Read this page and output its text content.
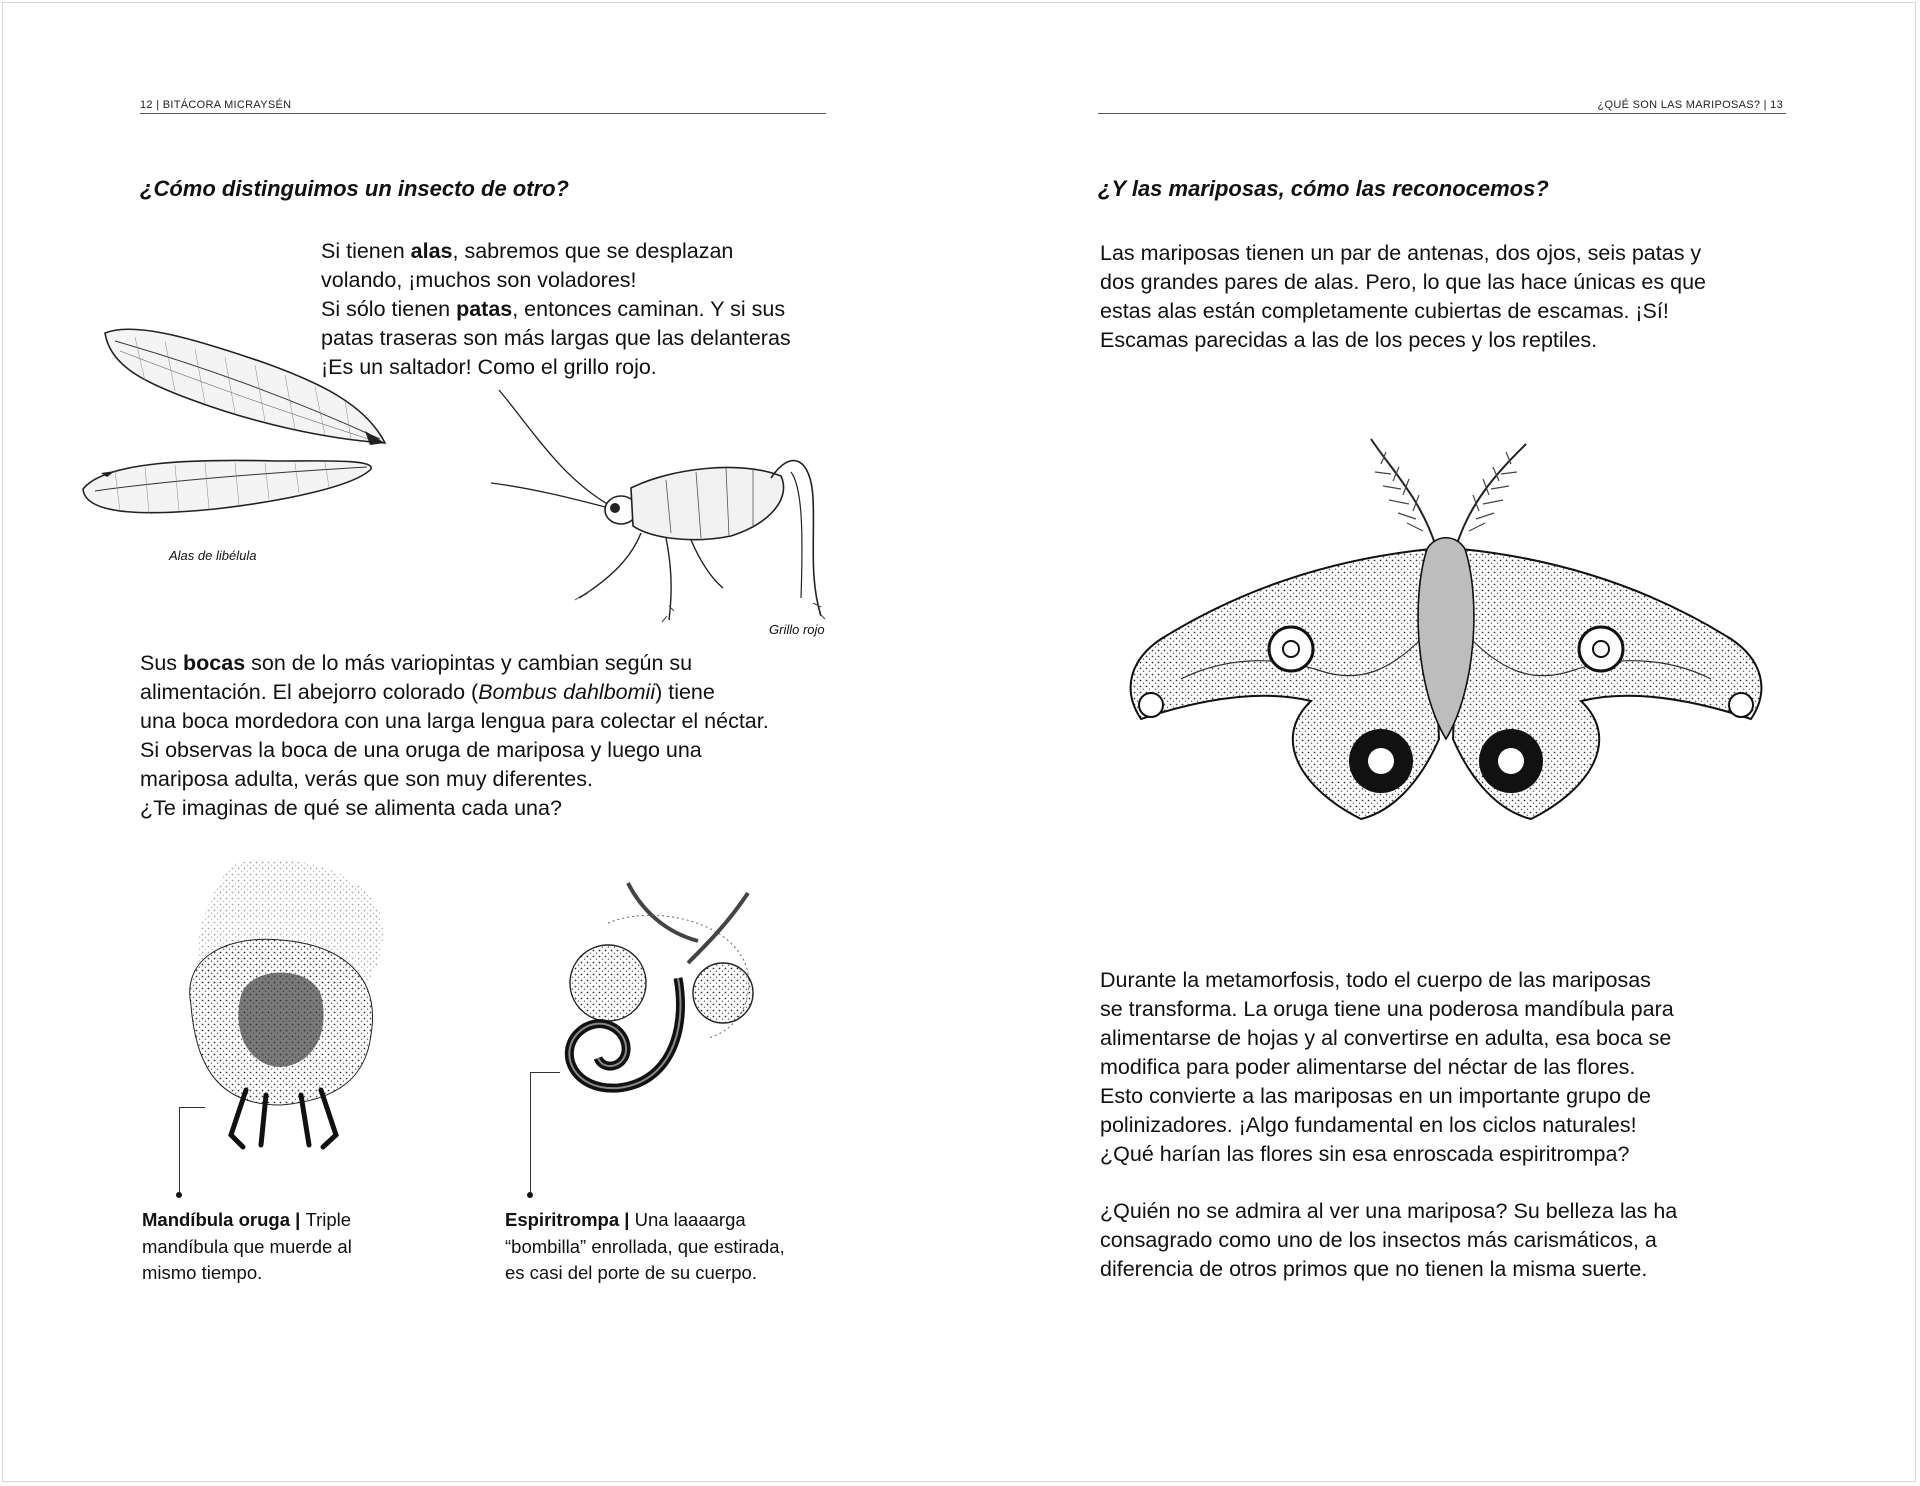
12 | BITÁCORA MICRAYSÉN
¿Cómo distinguimos un insecto de otro?
Si tienen alas, sabremos que se desplazan
volando, ¡muchos son voladores!
Si sólo tienen patas, entonces caminan. Y si sus
patas traseras son más largas que las delanteras
¡Es un saltador! Como el grillo rojo.
Alas de libélula
Grillo rojo
Sus bocas son de lo más variopintas y cambian según su
alimentación. El abejorro colorado (Bombus dahlbomii) tiene
una boca mordedora con una larga lengua para colectar el néctar.
Si observas la boca de una oruga de mariposa y luego una
mariposa adulta, verás que son muy diferentes.
¿Te imaginas de qué se alimenta cada una?
Mandíbula oruga | Triple
mandíbula que muerde al
mismo tiempo.
Espiritrompa | Una laaaarga
“bombilla” enrollada, que estirada,
es casi del porte de su cuerpo.
¿QUÉ SON LAS MARIPOSAS? | 13
¿Y las mariposas, cómo las reconocemos?
Las mariposas tienen un par de antenas, dos ojos, seis patas y
dos grandes pares de alas. Pero, lo que las hace únicas es que
estas alas están completamente cubiertas de escamas. ¡Sí!
Escamas parecidas a las de los peces y los reptiles.
Durante la metamorfosis, todo el cuerpo de las mariposas
se transforma. La oruga tiene una poderosa mandíbula para
alimentarse de hojas y al convertirse en adulta, esa boca se
modifica para poder alimentarse del néctar de las flores.
Esto convierte a las mariposas en un importante grupo de
polinizadores. ¡Algo fundamental en los ciclos naturales!
¿Qué harían las flores sin esa enroscada espiritrompa?
¿Quién no se admira al ver una mariposa? Su belleza las ha
consagrado como uno de los insectos más carismáticos, a
diferencia de otros primos que no tienen la misma suerte.
